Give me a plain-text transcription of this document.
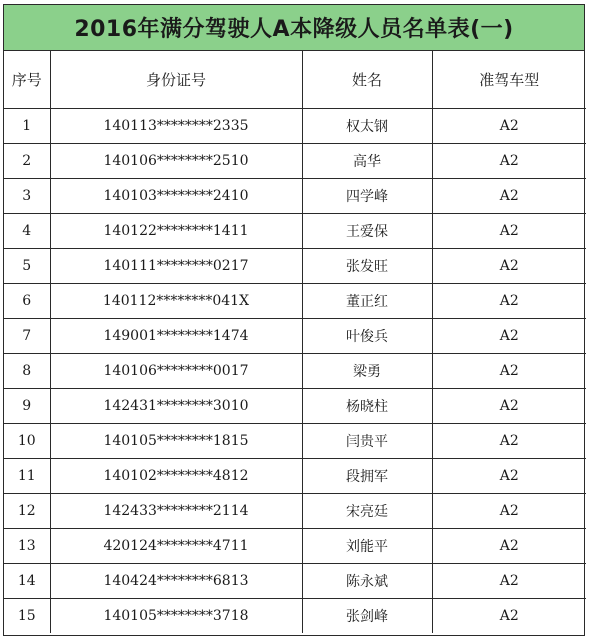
2016年满分驾驶人A本降级人员名单表(一)
序号	身份证号	姓名	准驾车型
1	140113********2335	权太钢	A2
2	140106********2510	高华	A2
3	140103********2410	四学峰	A2
4	140122********1411	王爱保	A2
5	140111********0217	张发旺	A2
6	140112********041X	董正红	A2
7	149001********1474	叶俊兵	A2
8	140106********0017	梁勇	A2
9	142431********3010	杨晓柱	A2
10	140105********1815	闫贵平	A2
11	140102********4812	段拥军	A2
12	142433********2114	宋亮廷	A2
13	420124********4711	刘能平	A2
14	140424********6813	陈永斌	A2
15	140105********3718	张剑峰	A2
